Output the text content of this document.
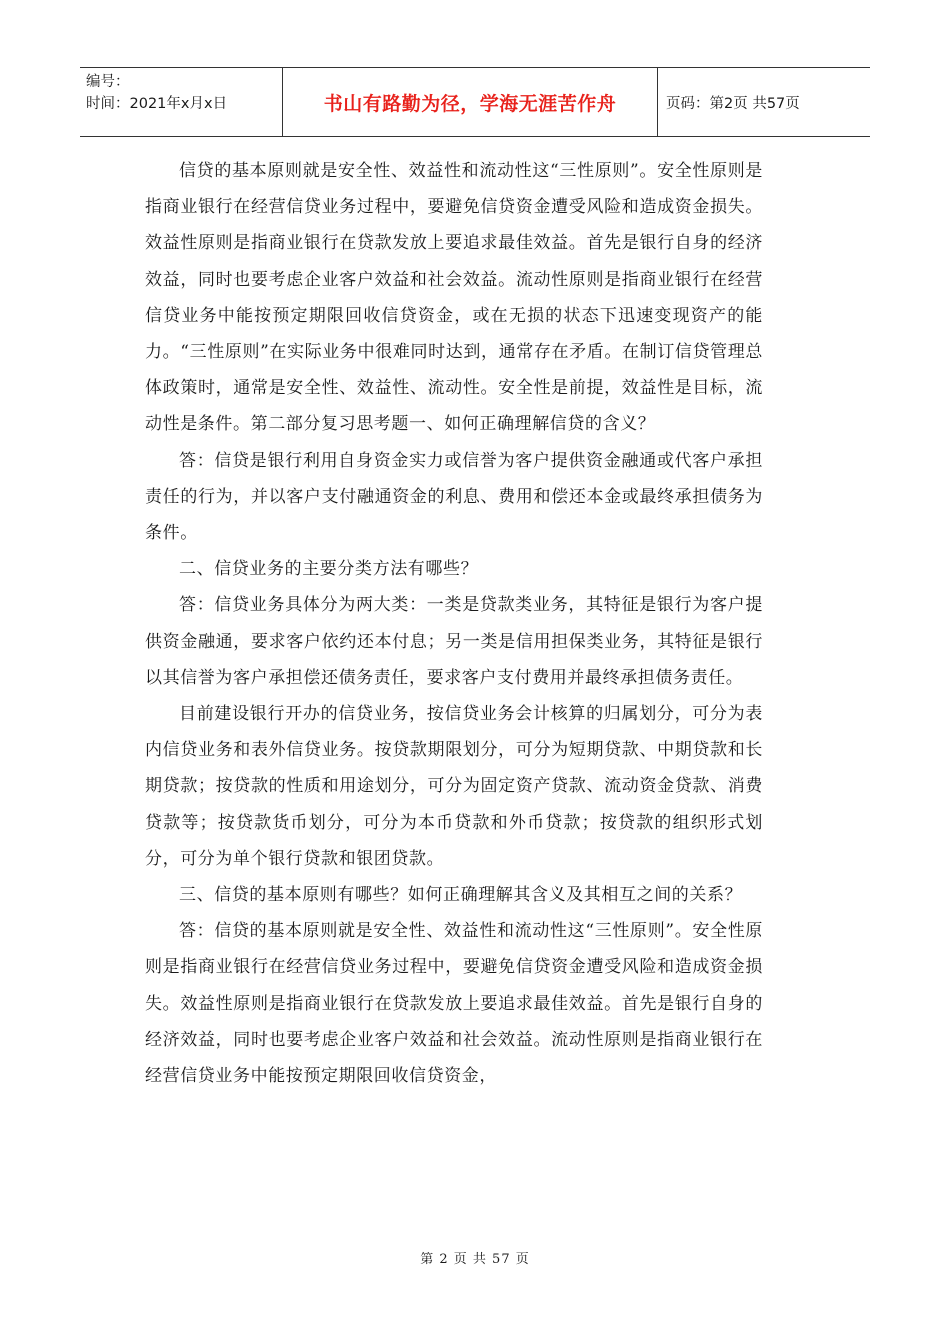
编号：
时间：2021年x月x日	书山有路勤为径，学海无涯苦作舟	页码：第2页 共57页

信贷的基本原则就是安全性、效益性和流动性这“三性原则”。安全性原则是指商业银行在经营信贷业务过程中，要避免信贷资金遭受风险和造成资金损失。效益性原则是指商业银行在贷款发放上要追求最佳效益。首先是银行自身的经济效益，同时也要考虑企业客户效益和社会效益。流动性原则是指商业银行在经营信贷业务中能按预定期限回收信贷资金，或在无损的状态下迅速变现资产的能力。“三性原则”在实际业务中很难同时达到，通常存在矛盾。在制订信贷管理总体政策时，通常是安全性、效益性、流动性。安全性是前提，效益性是目标，流动性是条件。第二部分复习思考题一、如何正确理解信贷的含义？

答：信贷是银行利用自身资金实力或信誉为客户提供资金融通或代客户承担责任的行为，并以客户支付融通资金的利息、费用和偿还本金或最终承担债务为条件。

二、信贷业务的主要分类方法有哪些？

答：信贷业务具体分为两大类：一类是贷款类业务，其特征是银行为客户提供资金融通，要求客户依约还本付息；另一类是信用担保类业务，其特征是银行以其信誉为客户承担偿还债务责任，要求客户支付费用并最终承担债务责任。

目前建设银行开办的信贷业务，按信贷业务会计核算的归属划分，可分为表内信贷业务和表外信贷业务。按贷款期限划分，可分为短期贷款、中期贷款和长期贷款；按贷款的性质和用途划分，可分为固定资产贷款、流动资金贷款、消费贷款等；按贷款货币划分，可分为本币贷款和外币贷款；按贷款的组织形式划分，可分为单个银行贷款和银团贷款。

三、信贷的基本原则有哪些？如何正确理解其含义及其相互之间的关系？

答：信贷的基本原则就是安全性、效益性和流动性这“三性原则”。安全性原则是指商业银行在经营信贷业务过程中，要避免信贷资金遭受风险和造成资金损失。效益性原则是指商业银行在贷款发放上要追求最佳效益。首先是银行自身的经济效益，同时也要考虑企业客户效益和社会效益。流动性原则是指商业银行在经营信贷业务中能按预定期限回收信贷资金，

第 2 页 共 57 页
